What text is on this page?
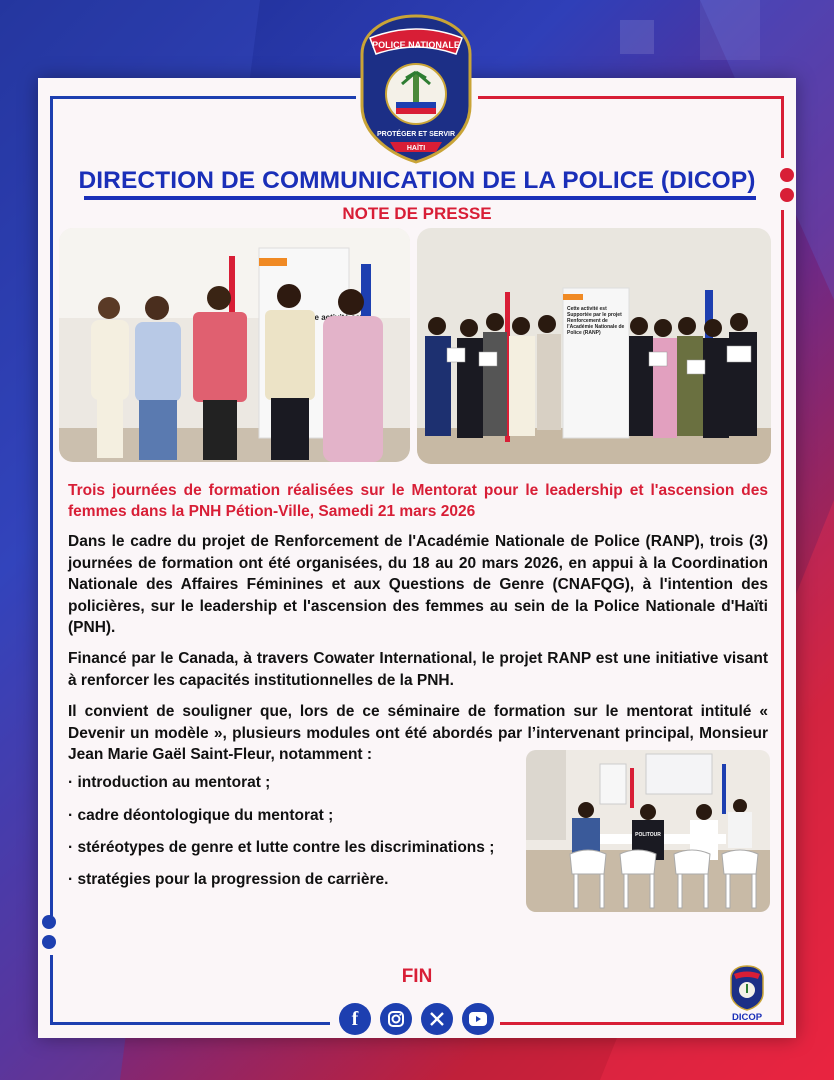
POLICE NATIONALE
PROTÉGER ET SERVIR
HAÏTI
DIRECTION DE COMMUNICATION DE LA POLICE (DICOP)
NOTE DE PRESSE
Cette activité est Supportée par le projet Renforcement de l'Académie Nationale de Police (RANP)
Trois journées de formation réalisées sur le Mentorat pour le leadership et l'ascension des femmes dans la PNH Pétion-Ville, Samedi 21 mars 2026
Dans le cadre du projet de Renforcement de l'Académie Nationale de Police (RANP), trois (3) journées de formation ont été organisées, du 18 au 20 mars 2026, en appui à la Coordination Nationale des Affaires Féminines et aux Questions de Genre (CNAFQG), à l'intention des policières, sur le leadership et l'ascension des femmes au sein de la Police Nationale d'Haïti (PNH).
Financé par le Canada, à travers Cowater International, le projet RANP est une initiative visant à renforcer les capacités institutionnelles de la PNH.
Il convient de souligner que, lors de ce séminaire de formation sur le mentorat intitulé « Devenir un modèle », plusieurs modules ont été abordés par l’intervenant principal, Monsieur Jean Marie Gaël Saint-Fleur, notamment :
· introduction au mentorat ;
· cadre déontologique du mentorat ;
· stéréotypes de genre et lutte contre les discriminations ;
· stratégies pour la progression de carrière.
POLITOUR
FIN
f	DICOP
